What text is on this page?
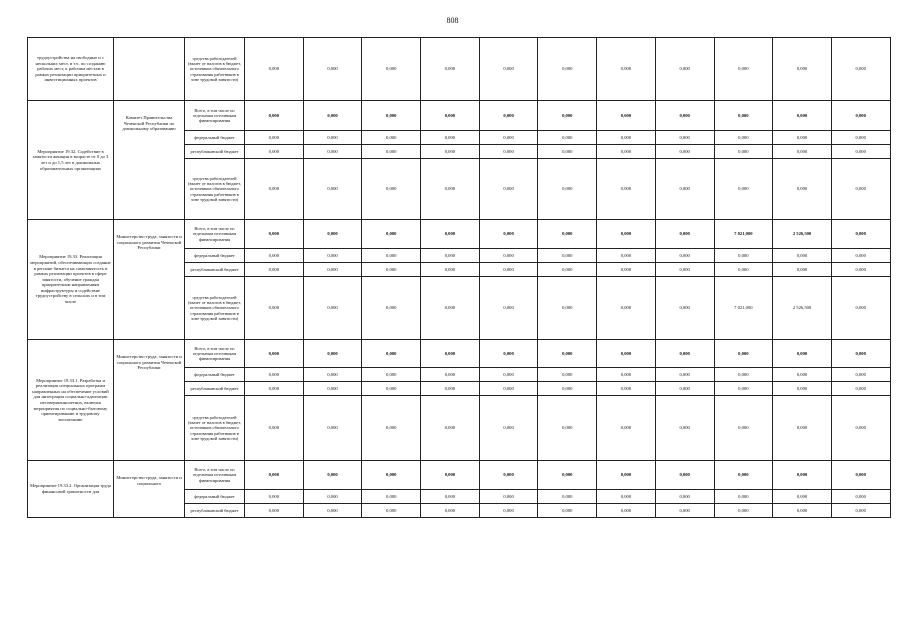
808
трудоустройства на свободные и с нескольких мест, в т.ч. по созданию рабочих мест, к рабочим местам в рамках реализации приоритетных и инвестиционных проектов		средства работодателей (вычет от налогов в бюджет, источников обязательного страхования работников в зоне трудовой занятости)	0,000	0,000	0,000	0,000	0,000	0,000	0,000	0,000	0,000	0,000	0,000
Мероприятие 19.32. Содействие в занятости женщин в возрасте от 0 до 3 лет и до 1,5 лет в дошкольных образовательных организациях	Комитет Правительства Чеченской Республики по дошкольному образованию	Всего, в том числе по отдельным источникам финансирования	0,000	0,000	0,000	0,000	0,000	0,000	0,000	0,000	0,000	0,000	0,000
		федеральный бюджет	0,000	0,000	0,000	0,000	0,000	0,000	0,000	0,000	0,000	0,000	0,000
		республиканский бюджет	0,000	0,000	0,000	0,000	0,000	0,000	0,000	0,000	0,000	0,000	0,000
		средства работодателей (вычет от налогов в бюджет, источников обязательного страхования работников в зоне трудовой занятости)	0,000	0,000	0,000	0,000	0,000	0,000	0,000	0,000	0,000	0,000	0,000
Мероприятие 19.33. Реализация мероприятий, обеспечивающих создание в регионе бизнеса на самозанятость в рамках реализации проектов в сфере занятости, обучение граждан приоритетным направлениям инфраструктуры и содействие трудоустройству в сельских и в том числе	Министерство труда, занятости и социального развития Чеченской Республики	Всего, в том числе по отдельным источникам финансирования	0,000	0,000	0,000	0,000	0,000	0,000	0,000	0,000	7 021,000	2 526,500	0,000
		федеральный бюджет	0,000	0,000	0,000	0,000	0,000	0,000	0,000	0,000	0,000	0,000	0,000
		республиканский бюджет	0,000	0,000	0,000	0,000	0,000	0,000	0,000	0,000	0,000	0,000	0,000
		средства работодателей (вычет от налогов в бюджет, источников обязательного страхования работников в зоне трудовой занятости)	0,000	0,000	0,000	0,000	0,000	0,000	0,000	0,000	7 021,000	2 526,500	0,000
Мероприятие 19.33.1. Разработка и реализация специальных программ направленных на обеспечение условий для интеграции социально-адаптации несовершеннолетних, включая мероприятия по социально-бытовому ориентированию и трудовому воспитанию	Министерство труда, занятости и социального развития Чеченской Республики	Всего, в том числе по отдельным источникам финансирования	0,000	0,000	0,000	0,000	0,000	0,000	0,000	0,000	0,000	0,000	0,000
		федеральный бюджет	0,000	0,000	0,000	0,000	0,000	0,000	0,000	0,000	0,000	0,000	0,000
		республиканский бюджет	0,000	0,000	0,000	0,000	0,000	0,000	0,000	0,000	0,000	0,000	0,000
		средства работодателей (вычет от налогов в бюджет, источников обязательного страхования работников в зоне трудовой занятости)	0,000	0,000	0,000	0,000	0,000	0,000	0,000	0,000	0,000	0,000	0,000
Мероприятие 19.33.2. Организация труда финансовой грамотности для	Министерство труда, занятости и социального	Всего, в том числе по отдельным источникам финансирования	0,000	0,000	0,000	0,000	0,000	0,000	0,000	0,000	0,000	0,000	0,000
		федеральный бюджет	0,000	0,000	0,000	0,000	0,000	0,000	0,000	0,000	0,000	0,000	0,000
		республиканский бюджет	0,000	0,000	0,000	0,000	0,000	0,000	0,000	0,000	0,000	0,000	0,000
